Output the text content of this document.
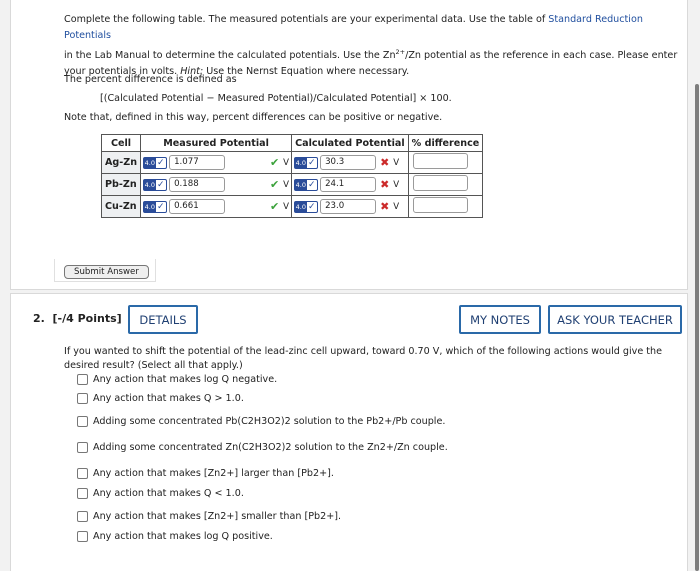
Complete the following table. The measured potentials are your experimental data. Use the table of Standard Reduction Potentials
in the Lab Manual to determine the calculated potentials. Use the $Zn^{2+}/Zn$ potential as the reference in each case. Please enter
your potentials in volts. Hint: Use the Nernst Equation where necessary.
The percent difference is defined as
[(Calculated Potential − Measured Potential)/Calculated Potential] × 100.
Note that, defined in this way, percent differences can be positive or negative.
Cell	Measured Potential	Calculated Potential	% difference
Ag-Zn	4.0 ✓ 1.077 ✔ V	4.0 ✓ 30.3 ✖ V	

Pb-Zn	4.0 ✓ 0.188 ✔ V	4.0 ✓ 24.1 ✖ V	

Cu-Zn	4.0 ✓ 0.661 ✔ V	4.0 ✓ 23.0 ✖ V	

Submit Answer
2. [-/4 Points]	DETAILS	MY NOTES	ASK YOUR TEACHER
If you wanted to shift the potential of the lead-zinc cell upward, toward 0.70 V, which of the following actions would give the
desired result? (Select all that apply.)
Any action that makes log Q negative.
Any action that makes Q > 1.0.
Adding some concentrated Pb(C2H3O2)2 solution to the Pb2+/Pb couple.
Adding some concentrated Zn(C2H3O2)2 solution to the Zn2+/Zn couple.
Any action that makes [Zn2+] larger than [Pb2+].
Any action that makes Q < 1.0.
Any action that makes [Zn2+] smaller than [Pb2+].
Any action that makes log Q positive.
